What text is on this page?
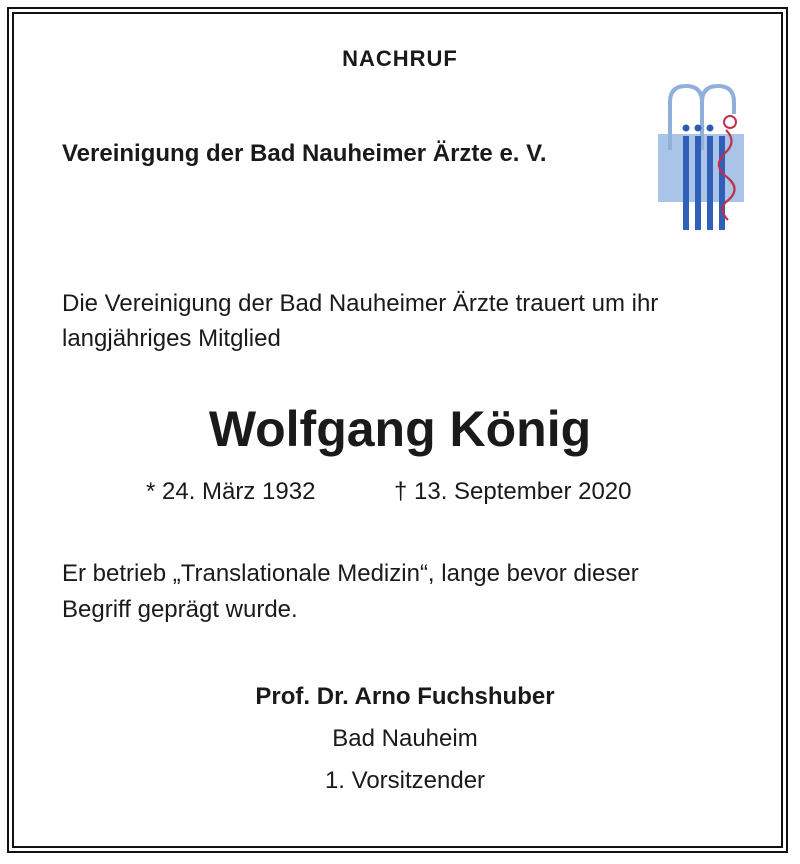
NACHRUF
Vereinigung der Bad Nauheimer Ärzte e. V.
Die Vereinigung der Bad Nauheimer Ärzte trauert um ihr
langjähriges Mitglied
Wolfgang König
* 24. März 1932	† 13. September 2020
Er betrieb „Translationale Medizin“, lange bevor dieser
Begriff geprägt wurde.
Prof. Dr. Arno Fuchshuber
Bad Nauheim
1. Vorsitzender
